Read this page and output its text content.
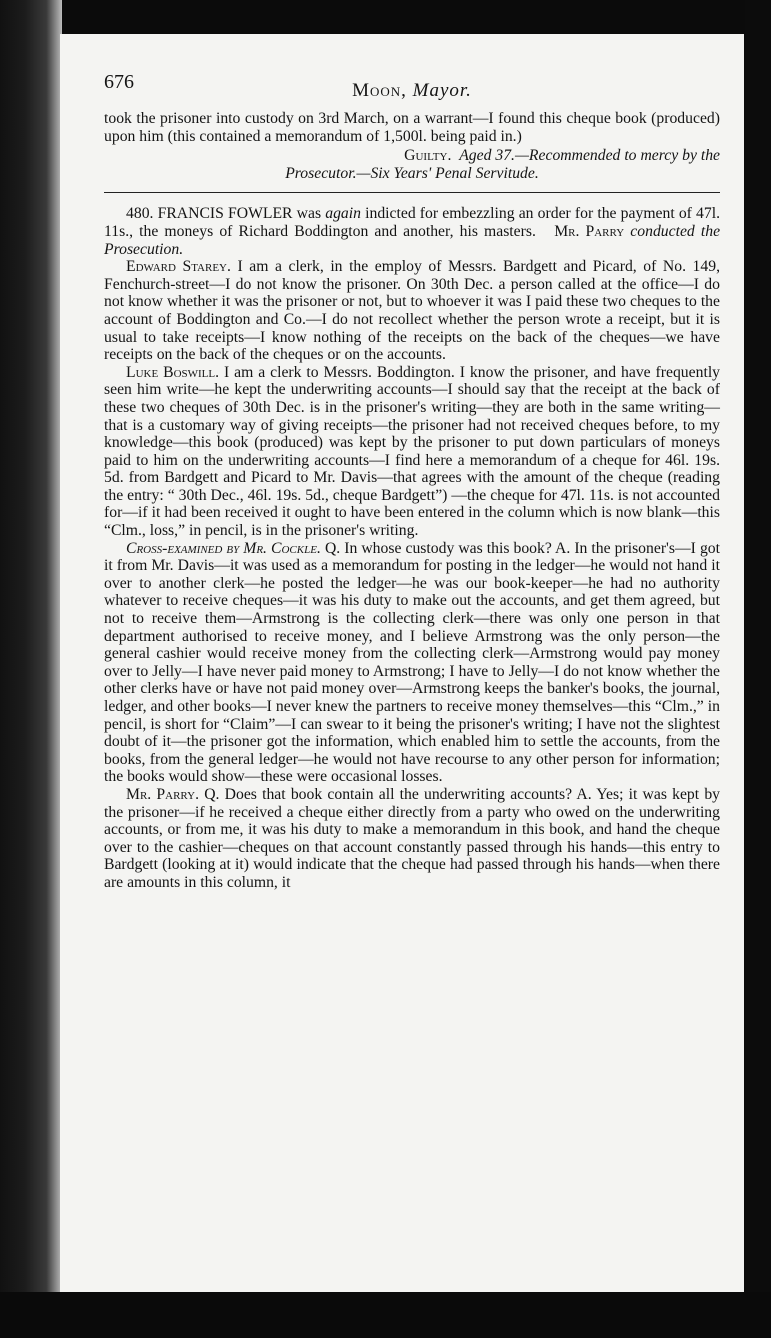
676	Moon, Mayor.

took the prisoner into custody on 3rd March, on a warrant—I found this cheque book (produced) upon him (this contained a memorandum of 1,500l. being paid in.)

Guilty. Aged 37.—Recommended to mercy by the

Prosecutor.—Six Years' Penal Servitude.

480. FRANCIS FOWLER was again indicted for embezzling an order for the payment of 47l. 11s., the moneys of Richard Boddington and another, his masters. Mr. Parry conducted the Prosecution.

Edward Starey. I am a clerk, in the employ of Messrs. Bardgett and Picard, of No. 149, Fenchurch-street—I do not know the prisoner. On 30th Dec. a person called at the office—I do not know whether it was the prisoner or not, but to whoever it was I paid these two cheques to the account of Boddington and Co.—I do not recollect whether the person wrote a receipt, but it is usual to take receipts—I know nothing of the receipts on the back of the cheques—we have receipts on the back of the cheques or on the accounts.

Luke Boswill. I am a clerk to Messrs. Boddington. I know the prisoner, and have frequently seen him write—he kept the underwriting accounts—I should say that the receipt at the back of these two cheques of 30th Dec. is in the prisoner's writing—they are both in the same writing—that is a customary way of giving receipts—the prisoner had not received cheques before, to my knowledge—this book (produced) was kept by the prisoner to put down particulars of moneys paid to him on the underwriting accounts—I find here a memorandum of a cheque for 46l. 19s. 5d. from Bardgett and Picard to Mr. Davis—that agrees with the amount of the cheque (reading the entry: “ 30th Dec., 46l. 19s. 5d., cheque Bardgett”) —the cheque for 47l. 11s. is not accounted for—if it had been received it ought to have been entered in the column which is now blank—this “Clm., loss,” in pencil, is in the prisoner's writing.

Cross-examined by Mr. Cockle. Q. In whose custody was this book? A. In the prisoner's—I got it from Mr. Davis—it was used as a memorandum for posting in the ledger—he would not hand it over to another clerk—he posted the ledger—he was our book-keeper—he had no authority whatever to receive cheques—it was his duty to make out the accounts, and get them agreed, but not to receive them—Armstrong is the collecting clerk—there was only one person in that department authorised to receive money, and I believe Armstrong was the only person—the general cashier would receive money from the collecting clerk—Armstrong would pay money over to Jelly—I have never paid money to Armstrong; I have to Jelly—I do not know whether the other clerks have or have not paid money over—Armstrong keeps the banker's books, the journal, ledger, and other books—I never knew the partners to receive money themselves—this “Clm.,” in pencil, is short for “Claim”—I can swear to it being the prisoner's writing; I have not the slightest doubt of it—the prisoner got the information, which enabled him to settle the accounts, from the books, from the general ledger—he would not have recourse to any other person for information; the books would show—these were occasional losses.

Mr. Parry. Q. Does that book contain all the underwriting accounts? A. Yes; it was kept by the prisoner—if he received a cheque either directly from a party who owed on the underwriting accounts, or from me, it was his duty to make a memorandum in this book, and hand the cheque over to the cashier—cheques on that account constantly passed through his hands—this entry to Bardgett (looking at it) would indicate that the cheque had passed through his hands—when there are amounts in this column, it
